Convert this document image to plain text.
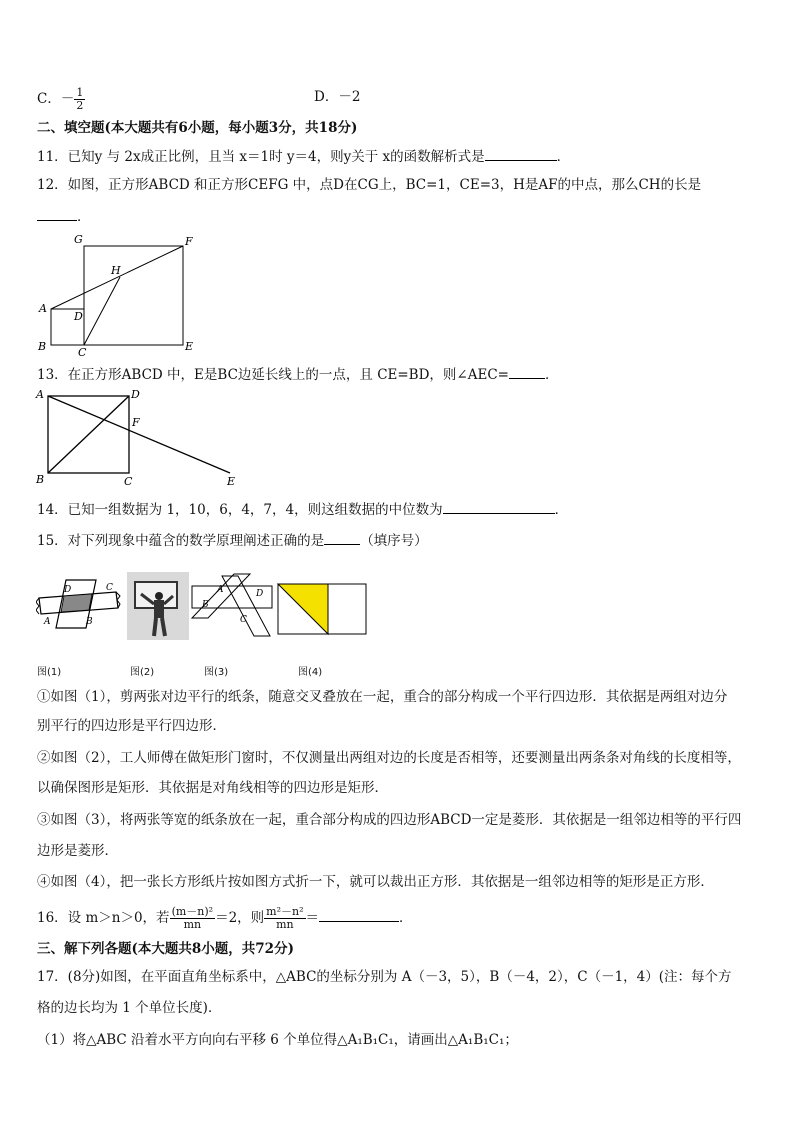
C．－ $\frac{1}{2}$	D．－2
二、填空题(本大题共有6小题，每小题3分，共18分)
11．已知y 与 2x成正比例，且当 x＝1时 y＝4，则y关于 x的函数解析式是	．
12．如图，正方形ABCD 和正方形CEFG 中，点D在CG上，BC=1，CE=3，H是AF的中点，那么CH的长是
．
G	F
H
A
D
B	C	E
13．在正方形ABCD 中，E是BC边延长线上的一点，且 CE=BD，则∠AEC=	．
A	D
F
B	C	E
14．已知一组数据为 1，10，6，4，7，4，则这组数据的中位数为	．
15．对下列现象中蕴含的数学原理阐述正确的是	（填序号）
D	C
A	B
A	D
B
C
图(1)	图(2)	图(3)	图(4)
①如图（1），剪两张对边平行的纸条，随意交叉叠放在一起，重合的部分构成一个平行四边形．其依据是两组对边分
别平行的四边形是平行四边形．
②如图（2），工人师傅在做矩形门窗时，不仅测量出两组对边的长度是否相等，还要测量出两条条对角线的长度相等，
以确保图形是矩形．其依据是对角线相等的四边形是矩形．
③如图（3），将两张等宽的纸条放在一起，重合部分构成的四边形ABCD一定是菱形．其依据是一组邻边相等的平行四
边形是菱形．
④如图（4），把一张长方形纸片按如图方式折一下，就可以裁出正方形．其依据是一组邻边相等的矩形是正方形．
16．设 m＞n＞0，若 $\frac{\text{(m－n)²}}{mn} =2$，则 $\frac{\text{m²－n²}}{mn}$ ＝	．
三、解下列各题(本大题共8小题，共72分)
17．(8分)如图，在平面直角坐标系中，△ABC的坐标分别为 A（－3，5），B（－4，2），C（－1，4）(注：每个方
格的边长均为 1 个单位长度)．
（1）将△ABC 沿着水平方向向右平移 6 个单位得△A₁B₁C₁，请画出△A₁B₁C₁；
